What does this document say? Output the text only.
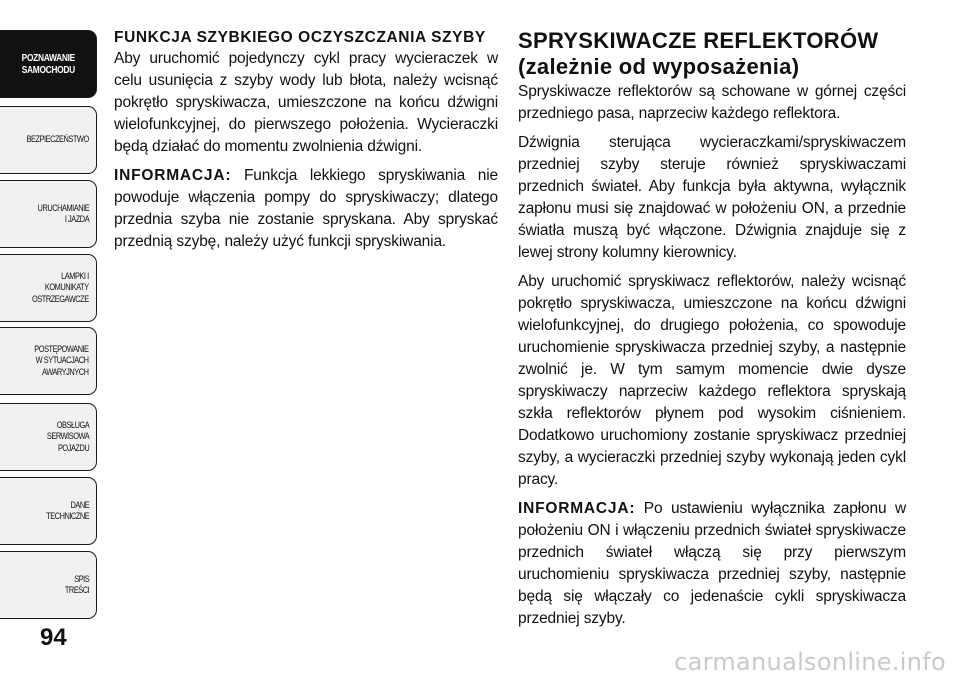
POZNAWANIE
SAMOCHODU
BEZPIECZEŃSTWO
URUCHAMIANIE
I JAZDA
LAMPKI I
KOMUNIKATY
OSTRZEGAWCZE
POSTĘPOWANIE
W SYTUACJACH
AWARYJNYCH
OBSŁUGA
SERWISOWA
POJAZDU
DANE
TECHNICZNE
SPIS
TREŚCI
94
FUNKCJA SZYBKIEGO OCZYSZCZANIA SZYBY

Aby uruchomić pojedynczy cykl pracy wycieraczek w celu usunięcia z szyby wody lub błota, należy wcisnąć pokrętło spryskiwacza, umieszczone na końcu dźwigni wielofunkcyjnej, do pierwszego położenia. Wycieraczki będą działać do momentu zwolnienia dźwigni.

INFORMACJA: Funkcja lekkiego spryskiwania nie powoduje włączenia pompy do spryskiwaczy; dlatego przednia szyba nie zostanie spryskana. Aby spryskać przednią szybę, należy użyć funkcji spryskiwania.

SPRYSKIWACZE REFLEKTORÓW
(zależnie od wyposażenia)

Spryskiwacze reflektorów są schowane w górnej części przedniego pasa, naprzeciw każdego reflektora.

Dźwignia sterująca wycieraczkami/spryskiwaczem przedniej szyby steruje również spryskiwaczami przednich świateł. Aby funkcja była aktywna, wyłącznik zapłonu musi się znajdować w położeniu ON, a przednie światła muszą być włączone. Dźwignia znajduje się z lewej strony kolumny kierownicy.

Aby uruchomić spryskiwacz reflektorów, należy wcisnąć pokrętło spryskiwacza, umieszczone na końcu dźwigni wielofunkcyjnej, do drugiego położenia, co spowoduje uruchomienie spryskiwacza przedniej szyby, a następnie zwolnić je. W tym samym momencie dwie dysze spryskiwaczy naprzeciw każdego reflektora spryskają szkła reflektorów płynem pod wysokim ciśnieniem. Dodatkowo uruchomiony zostanie spryskiwacz przedniej szyby, a wycieraczki przedniej szyby wykonają jeden cykl pracy.

INFORMACJA: Po ustawieniu wyłącznika zapłonu w położeniu ON i włączeniu przednich świateł spryskiwacze przednich świateł włączą się przy pierwszym uruchomieniu spryskiwacza przedniej szyby, następnie będą się włączały co jedenaście cykli spryskiwacza przedniej szyby.

carmanualsonline.info
